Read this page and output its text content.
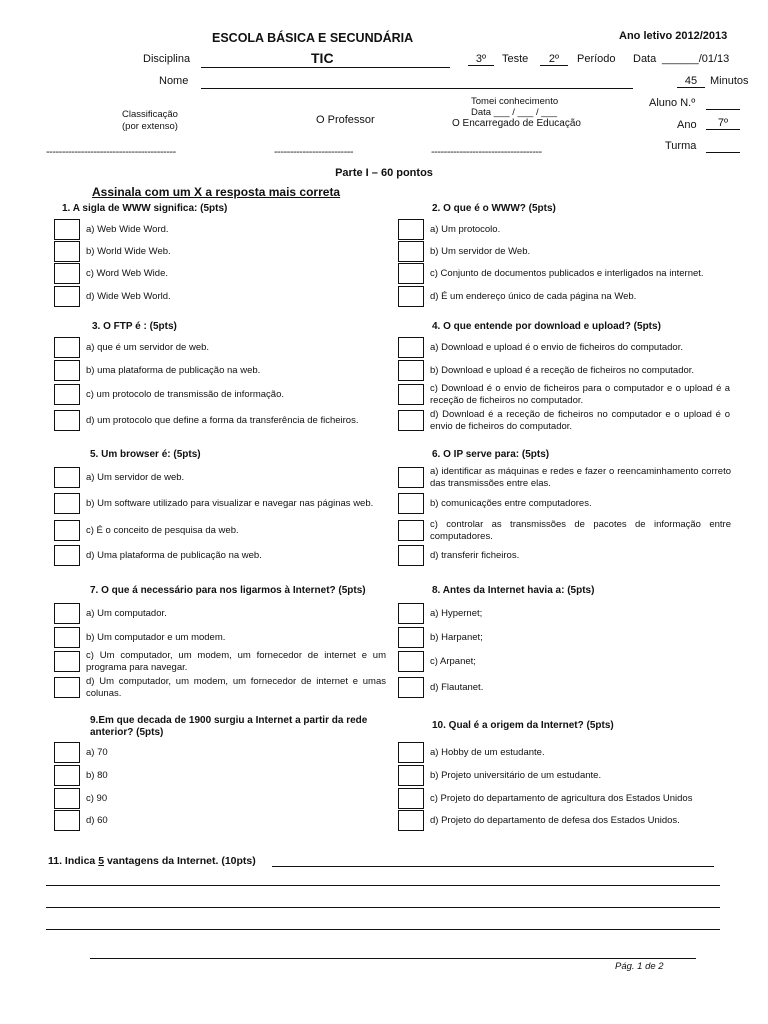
ESCOLA BÁSICA E SECUNDÁRIA	Ano letivo 2012/2013
Disciplina	TIC	3º	Teste	2º	Período Data ______/01/13
Nome	45	Minutos
Classificação
(por extenso)
O Professor
Tomei conhecimento
Data ___ / ___ / ___
O Encarregado de Educação
Aluno N.º
Ano	7º
Turma
-----------------------------------------	-------------------------	-----------------------------------
Parte I – 60 pontos
Assinala com um X a resposta mais correta
1. A sigla de WWW significa: (5pts)
a) Web Wide Word.
b) World Wide Web.
c) Word Web Wide.
d) Wide Web World.
2. O que é o WWW? (5pts)
a) Um protocolo.
b) Um servidor de Web.
c) Conjunto de documentos publicados e interligados na internet.
d) É um endereço único de cada página na Web.
3. O FTP é : (5pts)
a) que é um servidor de web.
b) uma plataforma de publicação na web.
c) um protocolo de transmissão de informação.
d) um protocolo que define a forma da transferência de ficheiros.
4. O que entende por download e upload? (5pts)
a) Download e upload é o envio de ficheiros do computador.
b) Download e upload é a receção de ficheiros no computador.
c) Download é o envio de ficheiros para o computador e o upload é a receção de ficheiros no computador.
d) Download é a receção de ficheiros no computador e o upload é o envio de ficheiros do computador.
5. Um browser é: (5pts)
a) Um servidor de web.
b) Um software utilizado para visualizar e navegar nas páginas web.
c) É o conceito de pesquisa da web.
d) Uma plataforma de publicação na web.
6. O IP serve para: (5pts)
a) identificar as máquinas e redes e fazer o reencaminhamento correto das transmissões entre elas.
b) comunicações entre computadores.
c) controlar as transmissões de pacotes de informação entre computadores.
d) transferir ficheiros.
7. O que á necessário para nos ligarmos à Internet? (5pts)
a) Um computador.
b) Um computador e um modem.
c) Um computador, um modem, um fornecedor de internet e um programa para navegar.
d) Um computador, um modem, um fornecedor de internet e umas colunas.
8. Antes da Internet havia a: (5pts)
a) Hypernet;
b) Harpanet;
c) Arpanet;
d) Flautanet.
9.Em que decada de 1900 surgiu a Internet a partir da rede anterior? (5pts)
a) 70
b) 80
c) 90
d) 60
10. Qual é a origem da Internet? (5pts)
a) Hobby de um estudante.
b) Projeto universitário de um estudante.
c) Projeto do departamento de agricultura dos Estados Unidos
d) Projeto do departamento de defesa dos Estados Unidos.
11. Indica 5 vantagens da Internet. (10pts)
Pág. 1 de 2
